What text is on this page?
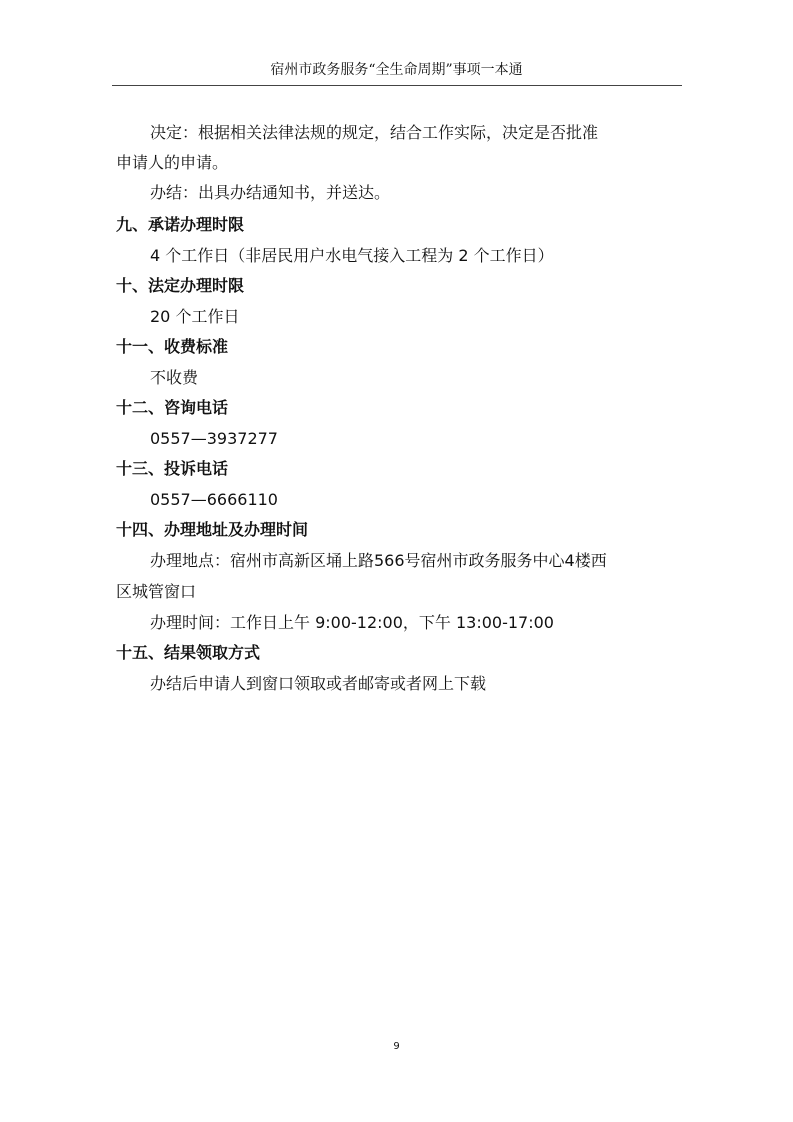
宿州市政务服务“全生命周期”事项一本通
决定：根据相关法律法规的规定，结合工作实际，决定是否批准
申请人的申请。
办结：出具办结通知书，并送达。
九、承诺办理时限
4 个工作日（非居民用户水电气接入工程为 2 个工作日）
十、法定办理时限
20 个工作日
十一、收费标准
不收费
十二、咨询电话
0557—3937277
十三、投诉电话
0557—6666110
十四、办理地址及办理时间
办理地点：宿州市高新区埇上路566号宿州市政务服务中心4楼西
区城管窗口
办理时间：工作日上午 9:00-12:00，下午 13:00-17:00
十五、结果领取方式
办结后申请人到窗口领取或者邮寄或者网上下载
9
